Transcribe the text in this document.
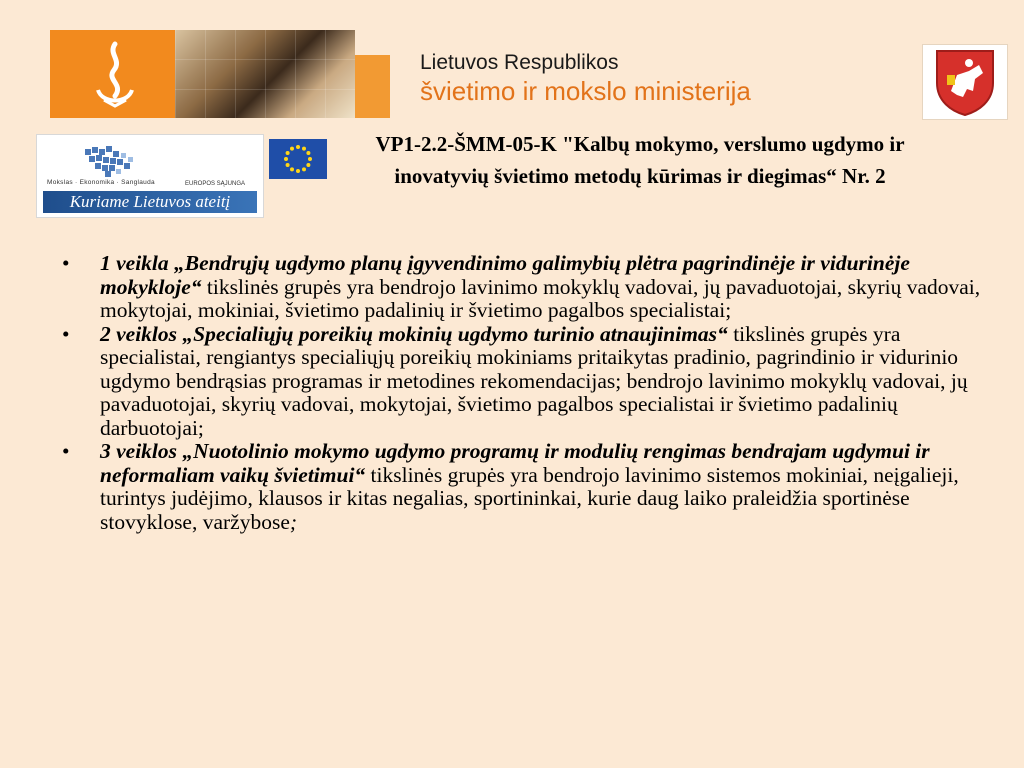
Lietuvos Respublikos
švietimo ir mokslo ministerija
Mokslas · Ekonomika · Sanglauda	EUROPOS SĄJUNGA
Kuriame Lietuvos ateitį
VP1-2.2-ŠMM-05-K "Kalbų mokymo, verslumo ugdymo ir inovatyvių švietimo metodų kūrimas ir diegimas“ Nr. 2
• 1 veikla „Bendrųjų ugdymo planų įgyvendinimo galimybių plėtra pagrindinėje ir vidurinėje mokykloje“ tikslinės grupės yra bendrojo lavinimo mokyklų vadovai, jų pavaduotojai, skyrių vadovai, mokytojai, mokiniai, švietimo padalinių ir švietimo pagalbos specialistai;
• 2 veiklos „Specialiųjų poreikių mokinių ugdymo turinio atnaujinimas“ tikslinės grupės yra specialistai, rengiantys specialiųjų poreikių mokiniams pritaikytas pradinio, pagrindinio ir vidurinio ugdymo bendrąsias programas ir metodines rekomendacijas; bendrojo lavinimo mokyklų vadovai, jų pavaduotojai, skyrių vadovai, mokytojai, švietimo pagalbos specialistai ir švietimo padalinių darbuotojai;
• 3 veiklos „Nuotolinio mokymo ugdymo programų ir modulių rengimas bendrajam ugdymui ir neformaliam vaikų švietimui“ tikslinės grupės yra bendrojo lavinimo sistemos mokiniai, neįgalieji, turintys judėjimo, klausos ir kitas negalias, sportininkai, kurie daug laiko praleidžia sportinėse stovyklose, varžybose;
